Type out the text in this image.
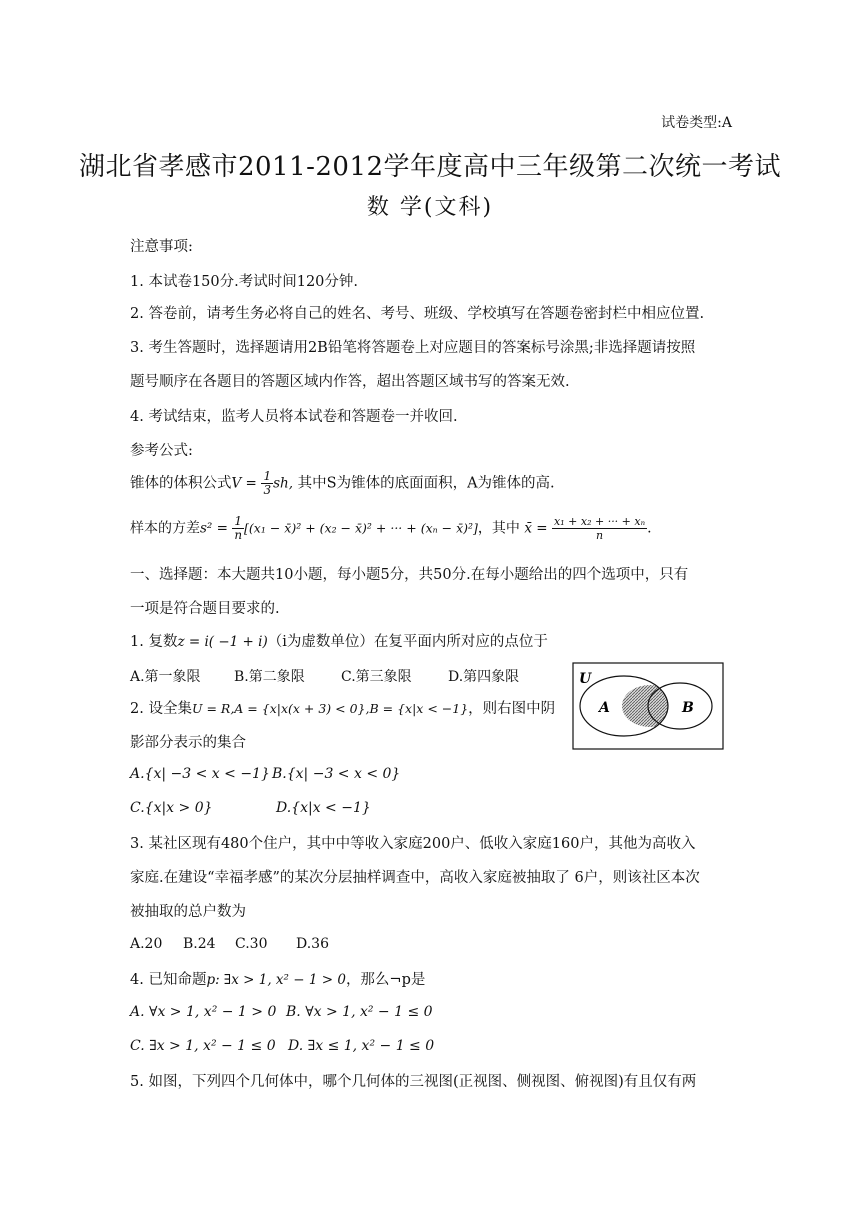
试卷类型:A
湖北省孝感市2011-2012学年度高中三年级第二次统一考试
数 学(文科)
注意事项:
1. 本试卷150分.考试时间120分钟.
2. 答卷前，请考生务必将自己的姓名、考号、班级、学校填写在答题卷密封栏中相应位置.
3. 考生答题时，选择题请用2B铅笔将答题卷上对应题目的答案标号涂黑;非选择题请按照
题号顺序在各题目的答题区域内作答，超出答题区域书写的答案无效.
4. 考试结束，监考人员将本试卷和答题卷一并收回.
参考公式:
锥体的体积公式$V = \frac{1}{3}$ sh, 其中S为锥体的底面面积，A为锥体的高.
样本的方差$s^2 = \frac{1}{n} [(x_1$ − x̄)² + (x₂ − x̄)² + ··· + (xₙ − x̄)²]，其中 x̄ = $\frac{\text{x₁ + x₂ + ··· + xₙ}}{n}$ .
一、选择题：本大题共10小题，每小题5分，共50分.在每小题给出的四个选项中，只有
一项是符合题目要求的.
1. 复数z = i( −1 + i)（i为虚数单位）在复平面内所对应的点位于
A.第一象限 B.第二象限	C.第三象限	D.第四象限
2. 设全集U = R,A = {x|x(x + 3) < 0},B = {x|x < −1}，则右图中阴
影部分表示的集合
U
A	B
A.{x| −3 < x < −1} B.{x| −3 < x < 0}
C.{x|x > 0}	D.{x|x < −1}
3. 某社区现有480个住户，其中中等收入家庭200户、低收入家庭160户，其他为高收入
家庭.在建设“幸福孝感”的某次分层抽样调查中，高收入家庭被抽取了 6户，则该社区本次
被抽取的总户数为
A.20 B.24 C.30 D.36
4. 已知命题p: ∃x > 1, x² − 1 > 0，那么¬p是
A. ∀x > 1, x² − 1 > 0 B. ∀x > 1, x² − 1 ≤ 0
C. ∃x > 1, x² − 1 ≤ 0 D. ∃x ≤ 1, x² − 1 ≤ 0
5. 如图，下列四个几何体中，哪个几何体的三视图(正视图、侧视图、俯视图)有且仅有两
